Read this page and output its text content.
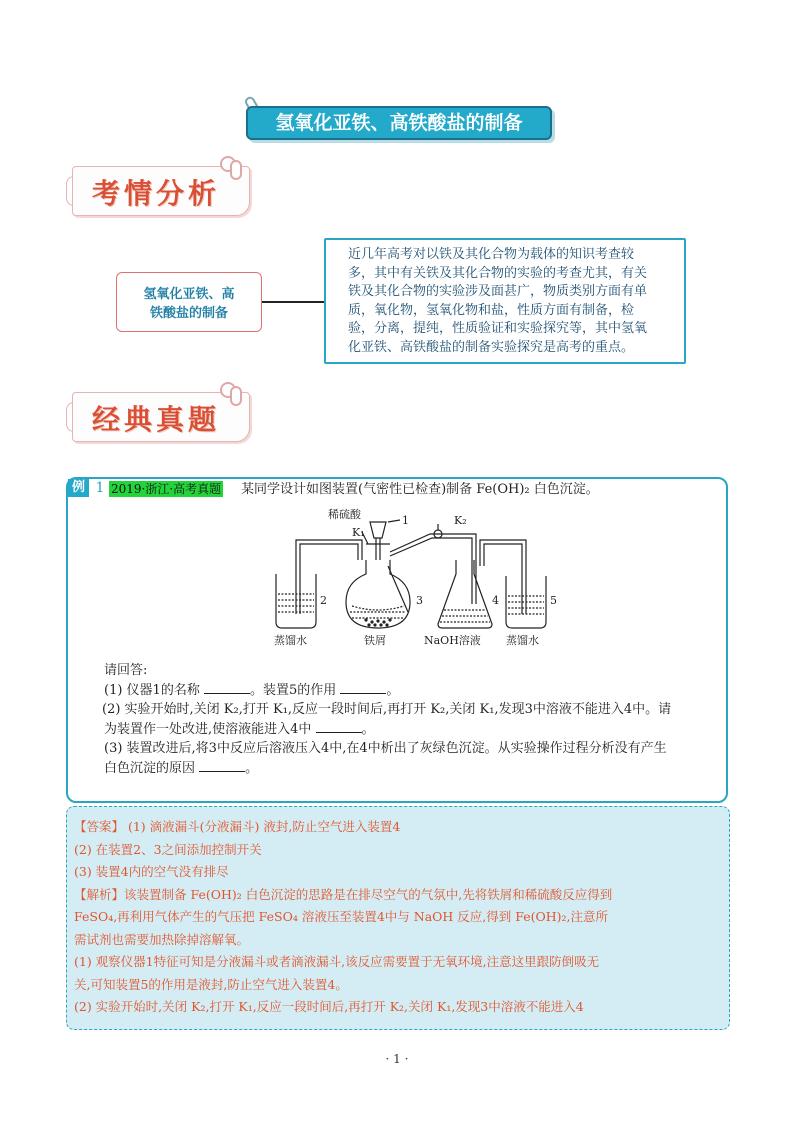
氢氧化亚铁、高铁酸盐的制备
考情分析
氢氧化亚铁、高
铁酸盐的制备
近几年高考对以铁及其化合物为载体的知识考查较
多，其中有关铁及其化合物的实验的考查尤其，有关
铁及其化合物的实验涉及面甚广，物质类别方面有单
质，氧化物，氢氧化物和盐，性质方面有制备，检
验，分离，提纯，性质验证和实验探究等，其中氢氧
化亚铁、高铁酸盐的制备实验探究是高考的重点。
经典真题
例 1 2019·浙江·高考真题 某同学设计如图装置(气密性已检查)制备 Fe(OH)₂ 白色沉淀。
稀硫酸	1
K₁
K₂
2	3	4	5
蒸馏水	铁屑	NaOH溶液 蒸馏水
请回答:
(1) 仪器1的名称	。装置5的作用	。
(2) 实验开始时,关闭 K₂,打开 K₁,反应一段时间后,再打开 K₂,关闭 K₁,发现3中溶液不能进入4中。请
为装置作一处改进,使溶液能进入4中	。
(3) 装置改进后,将3中反应后溶液压入4中,在4中析出了灰绿色沉淀。从实验操作过程分析没有产生
白色沉淀的原因	。
【答案】 (1) 滴液漏斗(分液漏斗) 液封,防止空气进入装置4
(2) 在装置2、3之间添加控制开关
(3) 装置4内的空气没有排尽
【解析】该装置制备 Fe(OH)₂ 白色沉淀的思路是在排尽空气的气氛中,先将铁屑和稀硫酸反应得到
FeSO₄,再利用气体产生的气压把 FeSO₄ 溶液压至装置4中与 NaOH 反应,得到 Fe(OH)₂,注意所
需试剂也需要加热除掉溶解氧。
(1) 观察仪器1特征可知是分液漏斗或者滴液漏斗,该反应需要置于无氧环境,注意这里跟防倒吸无
关,可知装置5的作用是液封,防止空气进入装置4。
(2) 实验开始时,关闭 K₂,打开 K₁,反应一段时间后,再打开 K₂,关闭 K₁,发现3中溶液不能进入4
· 1 ·
